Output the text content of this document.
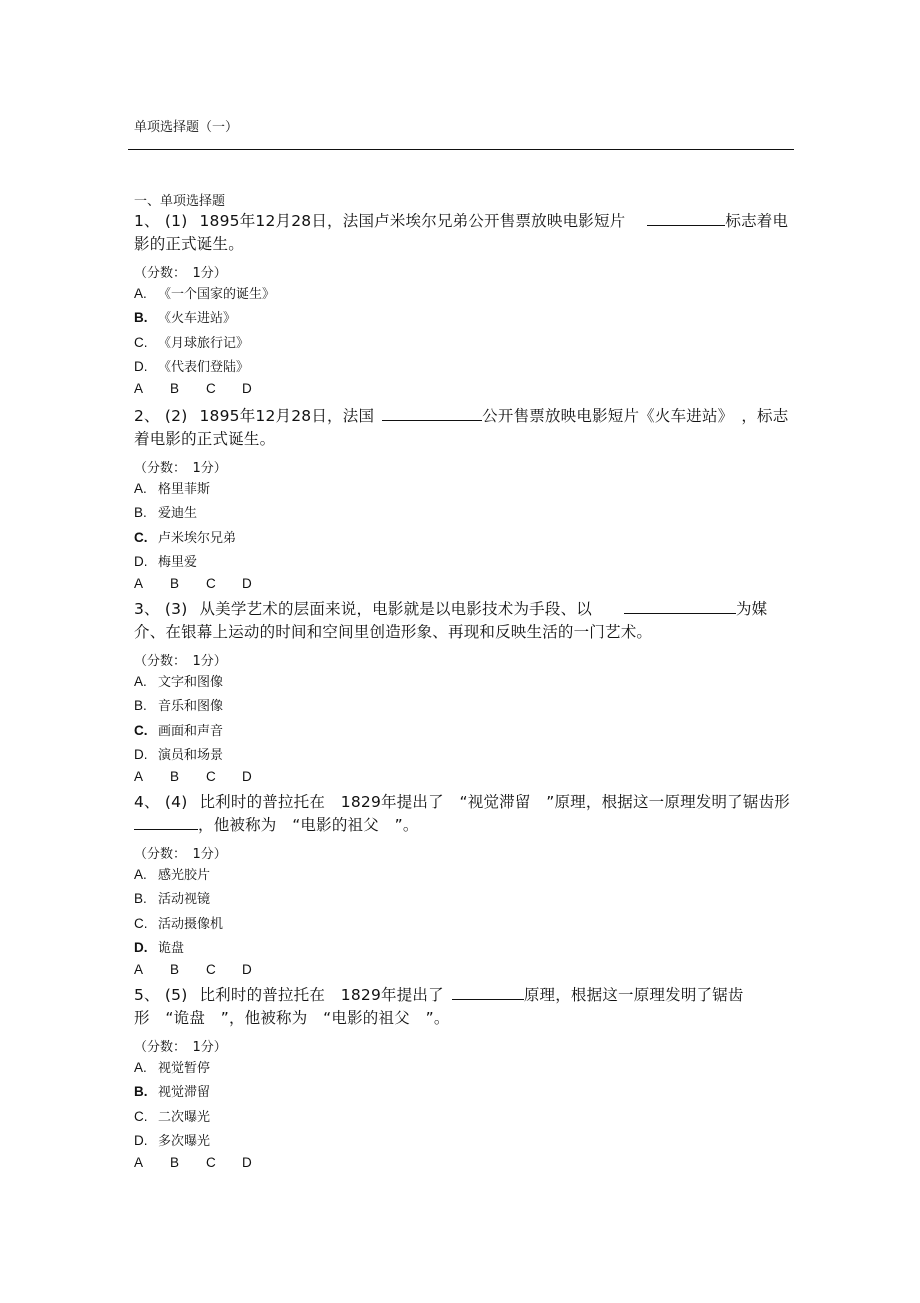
单项选择题（一）
一、单项选择题
1、 (1) 1895年12月28日，法国卢米埃尔兄弟公开售票放映电影短片	标志着电影的正式诞生。
（分数：　1分）
A. 《一个国家的诞生》
B. 《火车进站》
C. 《月球旅行记》
D. 《代表们登陆》
A B C D
2、 (2) 1895年12月28日，法国	公开售票放映电影短片《火车进站》　，标志着电影的正式诞生。
（分数：　1分）
A. 格里菲斯
B. 爱迪生
C. 卢米埃尔兄弟
D. 梅里爱
A B C D
3、 (3) 从美学艺术的层面来说，电影就是以电影技术为手段、以	为媒介、在银幕上运动的时间和空间里创造形象、再现和反映生活的一门艺术。
（分数：　1分）
A. 文字和图像
B. 音乐和图像
C. 画面和声音
D. 演员和场景
A B C D
4、 (4) 比利时的普拉托在　1829年提出了　“视觉滞留　”原理，根据这一原理发明了锯齿形，他被称为　“电影的祖父　”。
（分数：　1分）
A. 感光胶片
B. 活动视镜
C. 活动摄像机
D. 诡盘
A B C D
5、 (5) 比利时的普拉托在　1829年提出了	原理，根据这一原理发明了锯齿形　“诡盘　”，他被称为　“电影的祖父　”。
（分数：　1分）
A. 视觉暂停
B. 视觉滞留
C. 二次曝光
D. 多次曝光
A B C D
